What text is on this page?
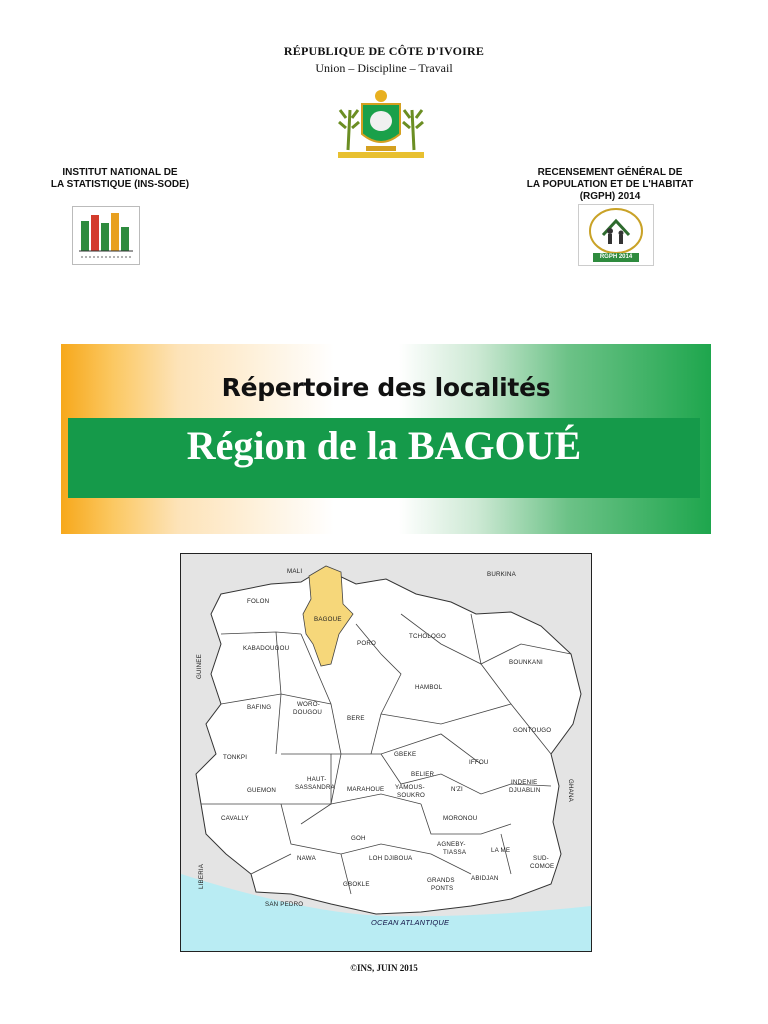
RÉPUBLIQUE DE CÔTE D'IVOIRE
Union – Discipline – Travail
INSTITUT NATIONAL DE
LA STATISTIQUE (INS-SODE)
RECENSEMENT GÉNÉRAL DE
LA POPULATION ET DE L'HABITAT
(RGPH) 2014
RGPH 2014
Répertoire des localités
Région de la BAGOUÉ
MALI	BURKINA
GUINEE
LIBERIA
GHANA
OCEAN ATLANTIQUE
FOLON
BAGOUE
KABADOUGOU
PORO
TCHOLOGO
BOUNKANI
BAFING	WORO-
DOUGOU
HAMBOL
BERE
GONTOUGO
TONKPI	GBEKE
IFFOU
BELIER
HAUT-
SASSANDRA
GUEMON	MARAHOUE YAMOUS-
SOUKRO
N'ZI
INDENIE
DJUABLIN
CAVALLY	MORONOU
GOH
AGNEBY-
TIASSA	LA ME
NAWA	LOH DJIBOUA	SUD-
COMOE
GRANDS
PONTS
ABIDJAN
GBOKLE
SAN PEDRO
©INS, JUIN 2015
